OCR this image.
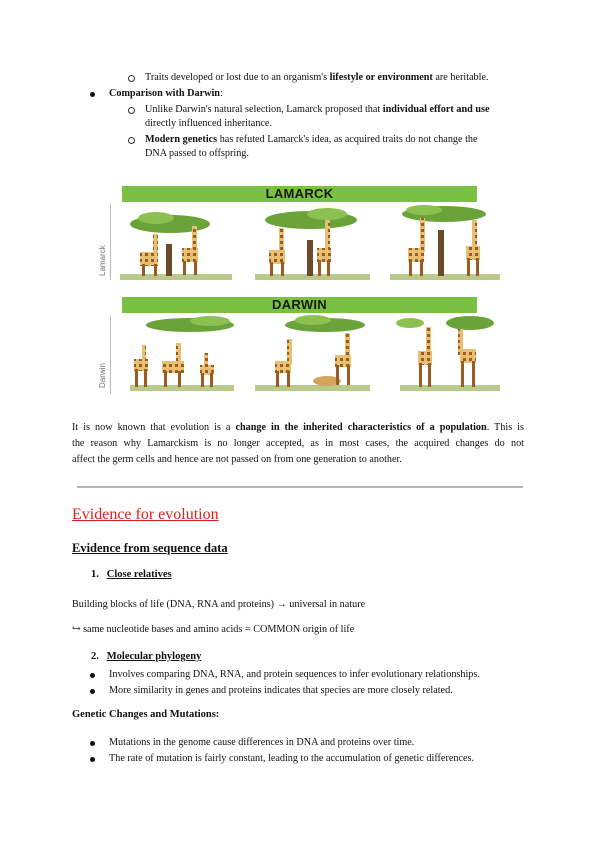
Traits developed or lost due to an organism's lifestyle or environment are heritable.
Comparison with Darwin:
Unlike Darwin's natural selection, Lamarck proposed that individual effort and use
directly influenced inheritance.
Modern genetics has refuted Lamarck's idea, as acquired traits do not change the
DNA passed to offspring.
LAMARCK
Lamarck
DARWIN
Darwin
It is now known that evolution is a change in the inherited characteristics of a population. This is
the reason why Lamarckism is no longer accepted, as in most cases, the acquired changes do not
affect the germ cells and hence are not passed on from one generation to another.
Evidence for evolution
Evidence from sequence data
1. Close relatives
Building blocks of life (DNA, RNA and proteins) → universal in nature
↪ same nucleotide bases and amino acids = COMMON origin of life
2. Molecular phylogeny
Involves comparing DNA, RNA, and protein sequences to infer evolutionary relationships.
More similarity in genes and proteins indicates that species are more closely related.
Genetic Changes and Mutations:
Mutations in the genome cause differences in DNA and proteins over time.
The rate of mutation is fairly constant, leading to the accumulation of genetic differences.
